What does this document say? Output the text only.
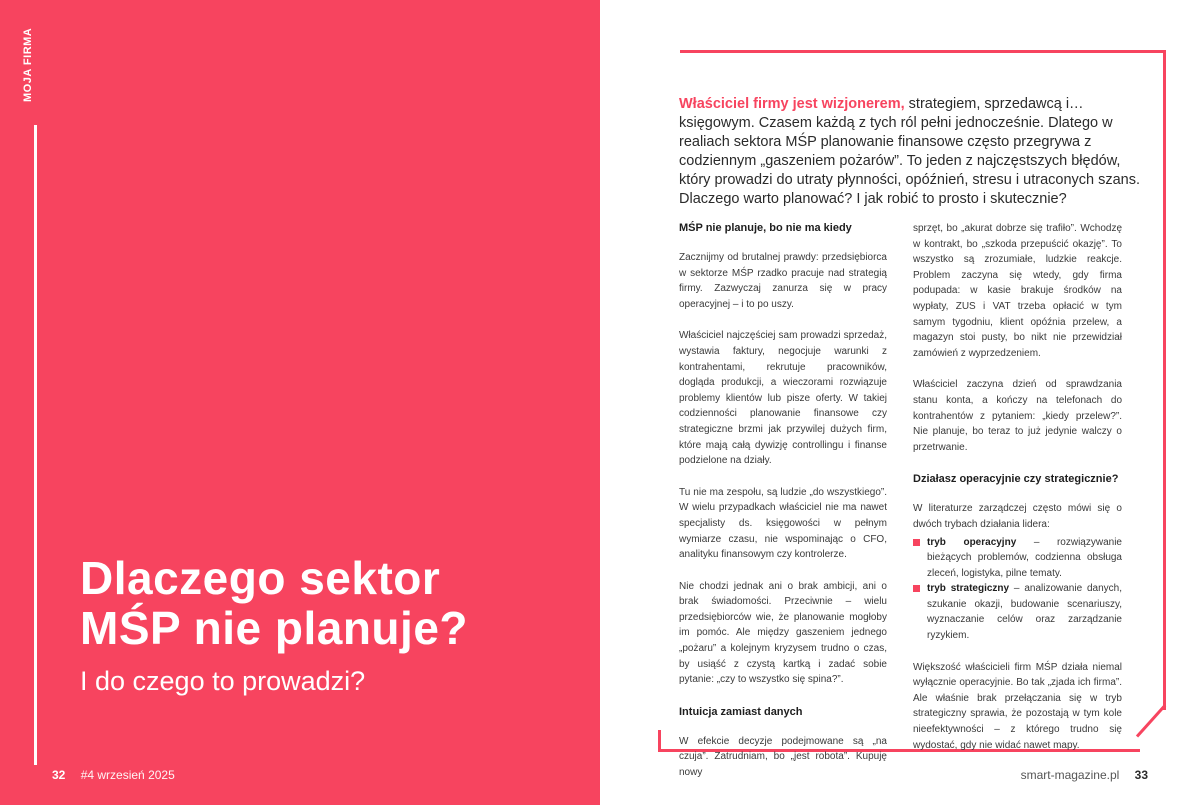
MOJA FIRMA
Dlaczego sektor
MŚP nie planuje?
I do czego to prowadzi?
32 #4 wrzesień 2025

Właściciel firmy jest wizjonerem, strategiem, sprzedawcą i… księgowym. Czasem każdą z tych ról pełni jednocześnie. Dlatego w realiach sektora MŚP planowanie finansowe często przegrywa z codziennym „gaszeniem pożarów”. To jeden z najczęstszych błędów, który prowadzi do utraty płynności, opóźnień, stresu i utraconych szans. Dlaczego warto planować? I jak robić to prosto i skutecznie?

MŚP nie planuje, bo nie ma kiedy

Zacznijmy od brutalnej prawdy: przedsiębiorca w sektorze MŚP rzadko pracuje nad strategią firmy. Zazwyczaj zanurza się w pracy operacyjnej – i to po uszy.

Właściciel najczęściej sam prowadzi sprzedaż, wystawia faktury, negocjuje warunki z kontrahentami, rekrutuje pracowników, dogląda produkcji, a wieczorami rozwiązuje problemy klientów lub pisze oferty. W takiej codzienności planowanie finansowe czy strategiczne brzmi jak przywilej dużych firm, które mają całą dywizję controllingu i finanse podzielone na działy.

Tu nie ma zespołu, są ludzie „do wszystkiego”. W wielu przypadkach właściciel nie ma nawet specjalisty ds. księgowości w pełnym wymiarze czasu, nie wspominając o CFO, analityku finansowym czy kontrolerze.

Nie chodzi jednak ani o brak ambicji, ani o brak świadomości. Przeciwnie – wielu przedsiębiorców wie, że planowanie mogłoby im pomóc. Ale między gaszeniem jednego „pożaru” a kolejnym kryzysem trudno o czas, by usiąść z czystą kartką i zadać sobie pytanie: „czy to wszystko się spina?”.

Intuicja zamiast danych

W efekcie decyzje podejmowane są „na czuja”. Zatrudniam, bo „jest robota”. Kupuję nowy

sprzęt, bo „akurat dobrze się trafiło”. Wchodzę w kontrakt, bo „szkoda przepuścić okazję”. To wszystko są zrozumiałe, ludzkie reakcje. Problem zaczyna się wtedy, gdy firma podupada: w kasie brakuje środków na wypłaty, ZUS i VAT trzeba opłacić w tym samym tygodniu, klient opóźnia przelew, a magazyn stoi pusty, bo nikt nie przewidział zamówień z wyprzedzeniem.

Właściciel zaczyna dzień od sprawdzania stanu konta, a kończy na telefonach do kontrahentów z pytaniem: „kiedy przelew?”. Nie planuje, bo teraz to już jedynie walczy o przetrwanie.

Działasz operacyjnie czy strategicznie?

W literaturze zarządczej często mówi się o dwóch trybach działania lidera:

tryb operacyjny – rozwiązywanie bieżących problemów, codzienna obsługa zleceń, logistyka, pilne tematy.
tryb strategiczny – analizowanie danych, szukanie okazji, budowanie scenariuszy, wyznaczanie celów oraz zarządzanie ryzykiem.

Większość właścicieli firm MŚP działa niemal wyłącznie operacyjnie. Bo tak „zjada ich firma”. Ale właśnie brak przełączania się w tryb strategiczny sprawia, że pozostają w tym kole nieefektywności – z którego trudno się wydostać, gdy nie widać nawet mapy.

smart-magazine.pl 33
